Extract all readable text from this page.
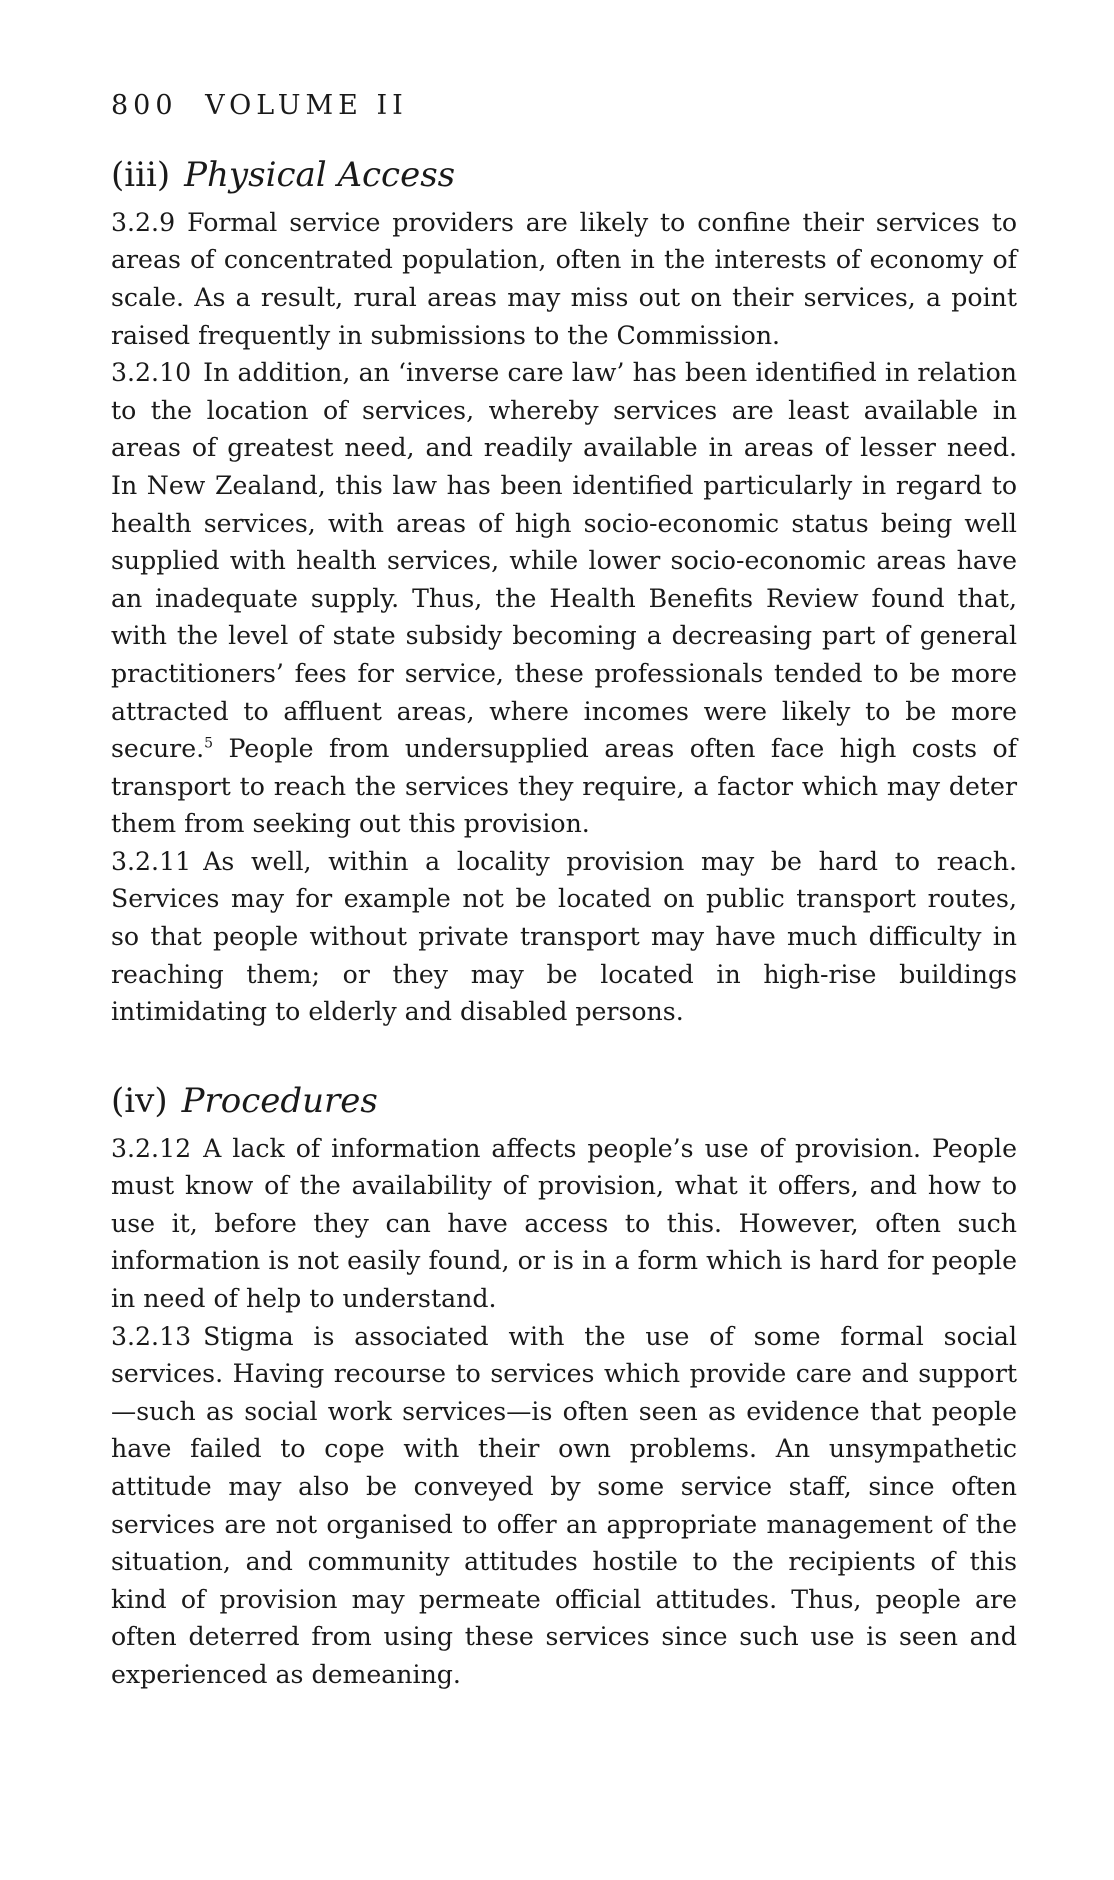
800 VOLUME II
(iii) Physical Access

3.2.9 Formal service providers are likely to confine their services to areas of concentrated population, often in the interests of economy of scale. As a result, rural areas may miss out on their services, a point raised frequently in submissions to the Commission.

3.2.10 In addition, an ‘inverse care law’ has been identified in relation to the location of services, whereby services are least available in areas of greatest need, and readily available in areas of lesser need. In New Zealand, this law has been identified particularly in regard to health services, with areas of high socio-economic status being well supplied with health services, while lower socio-economic areas have an inadequate supply. Thus, the Health Benefits Review found that, with the level of state subsidy becoming a decreasing part of general practitioners’ fees for service, these professionals tended to be more attracted to affluent areas, where incomes were likely to be more secure.$^5$ People from undersupplied areas often face high costs of transport to reach the services they require, a factor which may deter them from seeking out this provision.

3.2.11 As well, within a locality provision may be hard to reach. Services may for example not be located on public transport routes, so that people without private transport may have much difficulty in reaching them; or they may be located in high-rise buildings intimidating to elderly and disabled persons.

(iv) Procedures

3.2.12 A lack of information affects people’s use of provision. People must know of the availability of provision, what it offers, and how to use it, before they can have access to this. However, often such information is not easily found, or is in a form which is hard for people in need of help to understand.

3.2.13 Stigma is associated with the use of some formal social services. Having recourse to services which provide care and support—such as social work services—is often seen as evidence that people have failed to cope with their own problems. An unsympathetic attitude may also be conveyed by some service staff, since often services are not organised to offer an appropriate management of the situation, and community attitudes hostile to the recipients of this kind of provision may permeate official attitudes. Thus, people are often deterred from using these services since such use is seen and experienced as demeaning.
